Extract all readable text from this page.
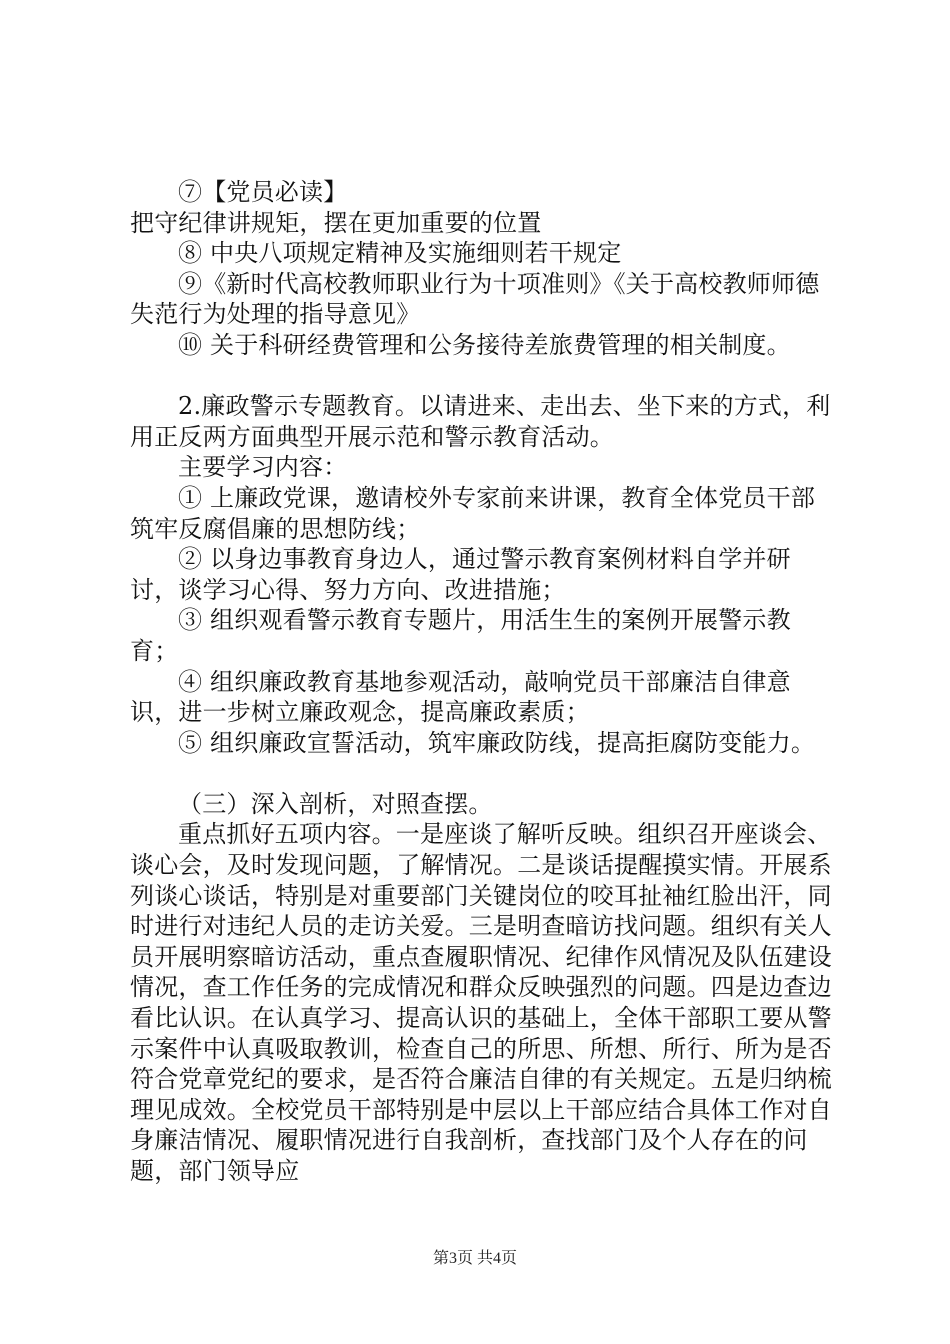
⑦【党员必读】

把守纪律讲规矩，摆在更加重要的位置

⑧ 中央八项规定精神及实施细则若干规定

⑨《新时代高校教师职业行为十项准则》《关于高校教师师德失范行为处理的指导意见》

⑩ 关于科研经费管理和公务接待差旅费管理的相关制度。

2.廉政警示专题教育。以请进来、走出去、坐下来的方式，利用正反两方面典型开展示范和警示教育活动。

主要学习内容：

① 上廉政党课，邀请校外专家前来讲课，教育全体党员干部筑牢反腐倡廉的思想防线；

② 以身边事教育身边人，通过警示教育案例材料自学并研讨，谈学习心得、努力方向、改进措施；

③ 组织观看警示教育专题片，用活生生的案例开展警示教育；

④ 组织廉政教育基地参观活动，敲响党员干部廉洁自律意识，进一步树立廉政观念，提高廉政素质；

⑤ 组织廉政宣誓活动，筑牢廉政防线，提高拒腐防变能力。

（三）深入剖析，对照查摆。

重点抓好五项内容。一是座谈了解听反映。组织召开座谈会、谈心会，及时发现问题，了解情况。二是谈话提醒摸实情。开展系列谈心谈话，特别是对重要部门关键岗位的咬耳扯袖红脸出汗，同时进行对违纪人员的走访关爱。三是明查暗访找问题。组织有关人员开展明察暗访活动，重点查履职情况、纪律作风情况及队伍建设情况，查工作任务的完成情况和群众反映强烈的问题。四是边查边看比认识。在认真学习、提高认识的基础上，全体干部职工要从警示案件中认真吸取教训，检查自己的所思、所想、所行、所为是否符合党章党纪的要求，是否符合廉洁自律的有关规定。五是归纳梳理见成效。全校党员干部特别是中层以上干部应结合具体工作对自身廉洁情况、履职情况进行自我剖析，查找部门及个人存在的问题，部门领导应

第3页 共4页
